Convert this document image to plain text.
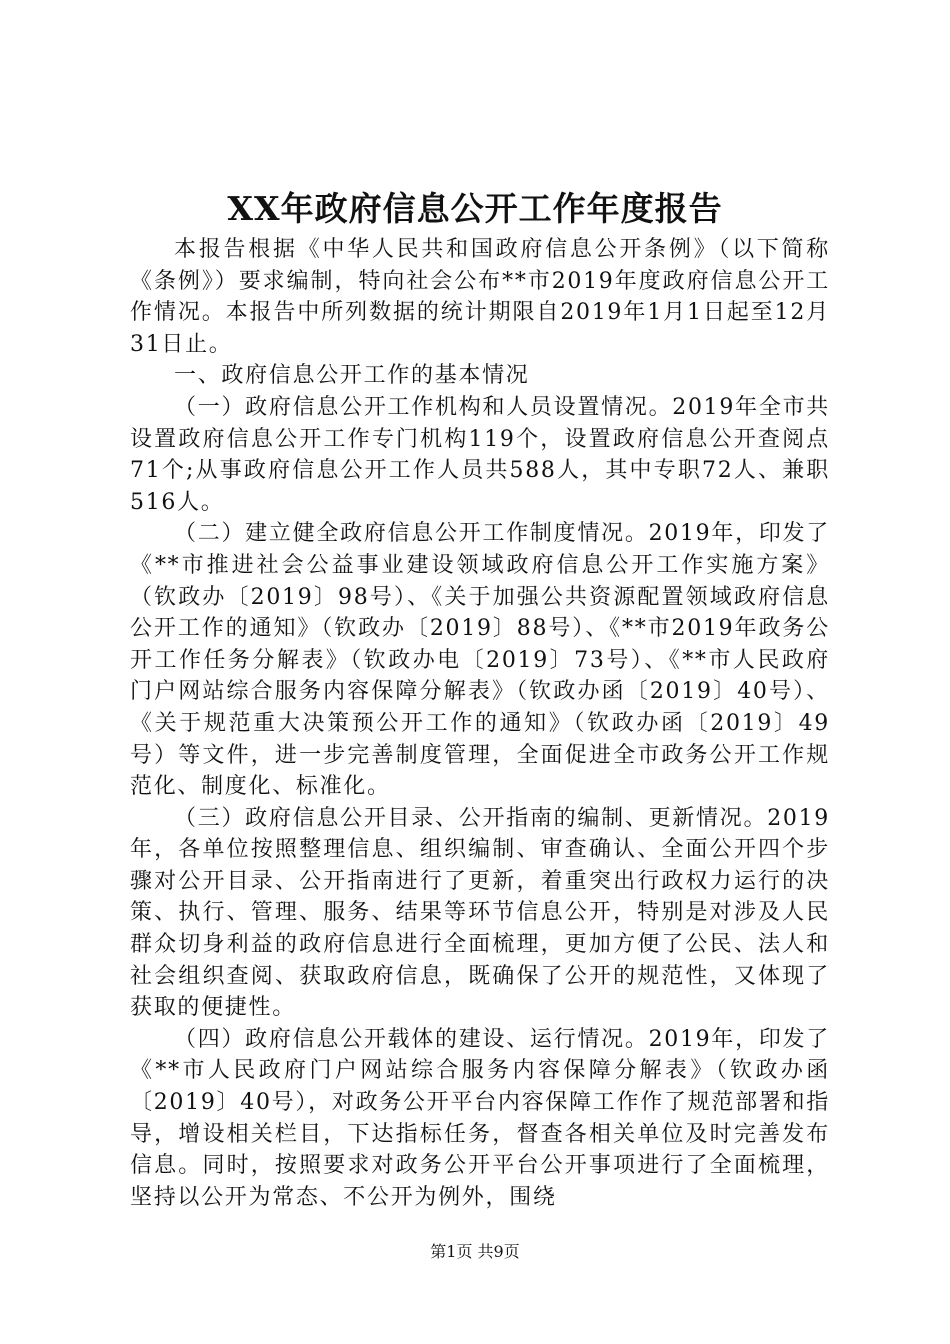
XX年政府信息公开工作年度报告

本报告根据《中华人民共和国政府信息公开条例》（以下简称《条例》）要求编制，特向社会公布**市2019年度政府信息公开工作情况。本报告中所列数据的统计期限自2019年1月1日起至12月31日止。

一、政府信息公开工作的基本情况

（一）政府信息公开工作机构和人员设置情况。2019年全市共设置政府信息公开工作专门机构119个，设置政府信息公开查阅点71个;从事政府信息公开工作人员共588人，其中专职72人、兼职516人。

（二）建立健全政府信息公开工作制度情况。2019年，印发了《**市推进社会公益事业建设领域政府信息公开工作实施方案》（钦政办〔2019〕98号）、《关于加强公共资源配置领域政府信息公开工作的通知》（钦政办〔2019〕88号）、《**市2019年政务公开工作任务分解表》（钦政办电〔2019〕73号）、《**市人民政府门户网站综合服务内容保障分解表》（钦政办函〔2019〕40号）、《关于规范重大决策预公开工作的通知》（钦政办函〔2019〕49号）等文件，进一步完善制度管理，全面促进全市政务公开工作规范化、制度化、标准化。

（三）政府信息公开目录、公开指南的编制、更新情况。2019年，各单位按照整理信息、组织编制、审查确认、全面公开四个步骤对公开目录、公开指南进行了更新，着重突出行政权力运行的决策、执行、管理、服务、结果等环节信息公开，特别是对涉及人民群众切身利益的政府信息进行全面梳理，更加方便了公民、法人和社会组织查阅、获取政府信息，既确保了公开的规范性，又体现了获取的便捷性。

（四）政府信息公开载体的建设、运行情况。2019年，印发了《**市人民政府门户网站综合服务内容保障分解表》（钦政办函〔2019〕40号），对政务公开平台内容保障工作作了规范部署和指导，增设相关栏目，下达指标任务，督查各相关单位及时完善发布信息。同时，按照要求对政务公开平台公开事项进行了全面梳理，坚持以公开为常态、不公开为例外，围绕

第1页 共9页
